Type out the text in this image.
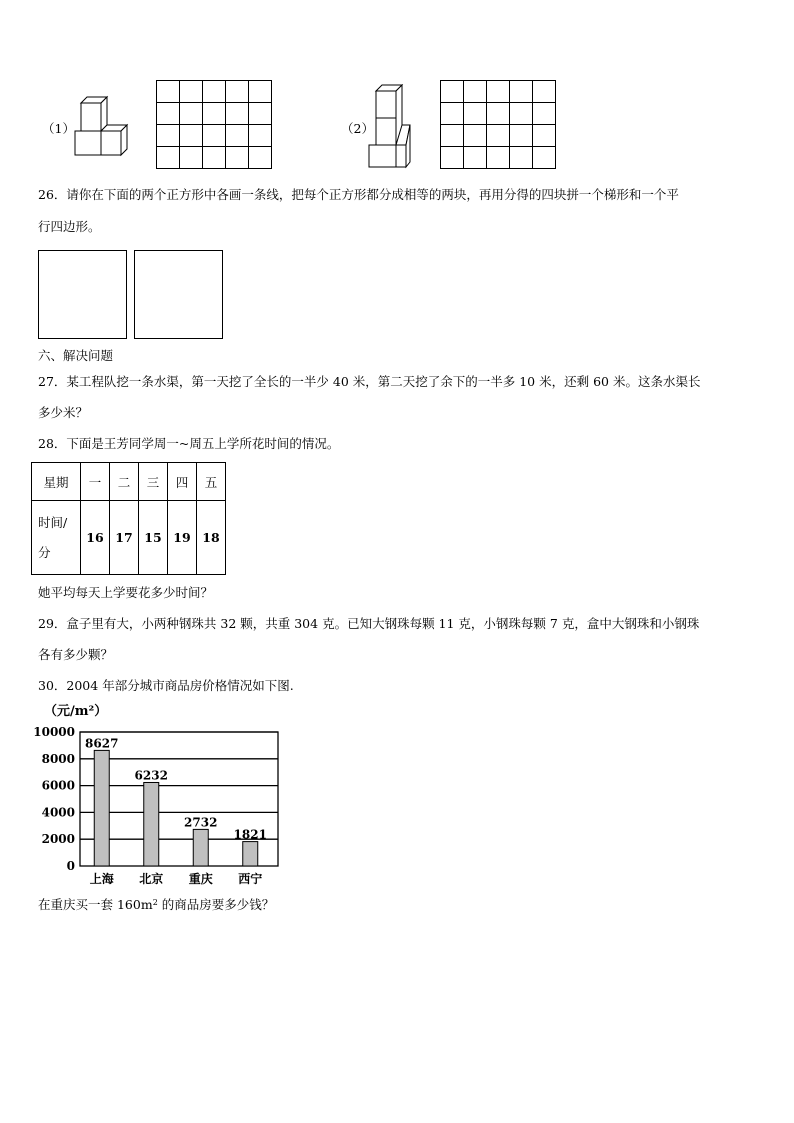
（1）

					（2）

26．请你在下面的两个正方形中各画一条线，把每个正方形都分成相等的两块，再用分得的四块拼一个梯形和一个平
行四边形。
六、解决问题
27．某工程队挖一条水渠，第一天挖了全长的一半少 40 米，第二天挖了余下的一半多 10 米，还剩 60 米。这条水渠长
多少米？
28．下面是王芳同学周一~周五上学所花时间的情况。
星期	一	二	三	四	五
时间/
分	16	17	15	19	18
她平均每天上学要花多少时间？
29．盒子里有大，小两种钢珠共 32 颗，共重 304 克。已知大钢珠每颗 11 克，小钢珠每颗 7 克，盒中大钢珠和小钢珠
各有多少颗？
30．2004 年部分城市商品房价格情况如下图.
（元/m²）
0
2000
4000
6000
8000
10000
8627
上海
6232
北京
2732
重庆
1821
西宁
在重庆买一套 $160m^2$ 的商品房要多少钱？
